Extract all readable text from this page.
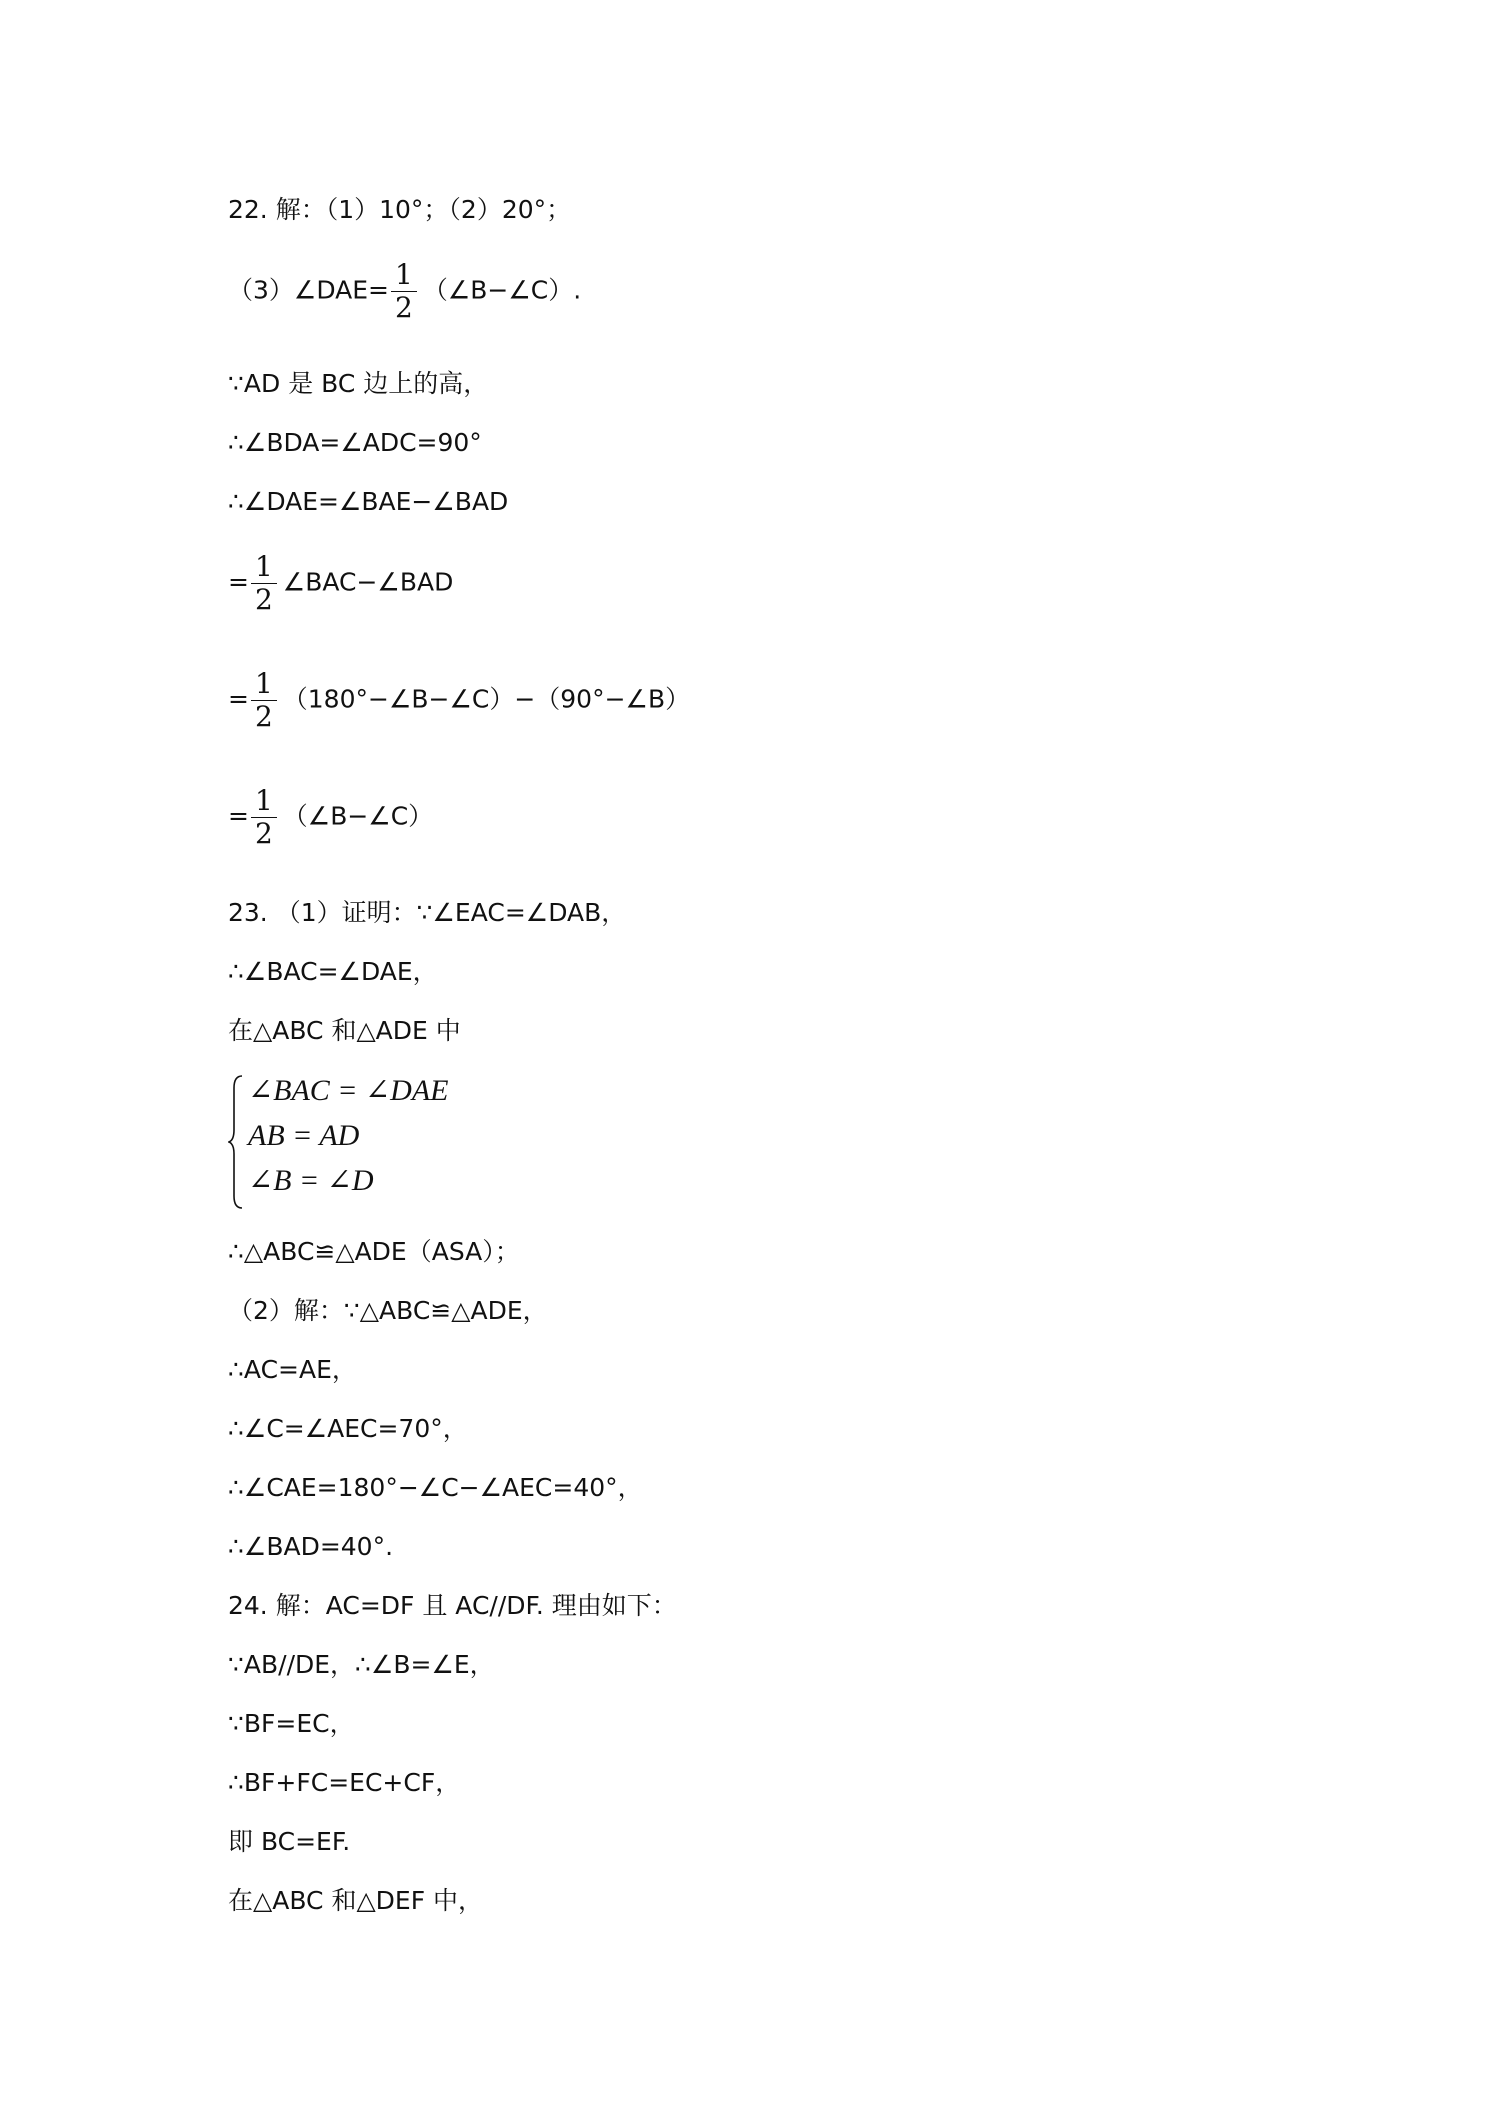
22. 解：（1）10°；（2）20°；
（3）∠DAE= $\frac{1}{2}$ （∠B−∠C）.
∵AD 是 BC 边上的高，
∴∠BDA=∠ADC=90°
∴∠DAE=∠BAE−∠BAD
= $\frac{1}{2}$ ∠BAC−∠BAD
= $\frac{1}{2}$ （180°−∠B−∠C）−（90°−∠B）
= $\frac{1}{2}$ （∠B−∠C）
23. （1）证明：∵∠EAC=∠DAB，
∴∠BAC=∠DAE，
在△ABC 和△ADE 中
∠BAC = ∠DAE
AB = AD
∠B = ∠D
∴△ABC≌△ADE（ASA）；
（2）解：∵△ABC≌△ADE，
∴AC=AE，
∴∠C=∠AEC=70°，
∴∠CAE=180°−∠C−∠AEC=40°，
∴∠BAD=40°.
24. 解：AC=DF 且 AC//DF. 理由如下：
∵AB//DE，∴∠B=∠E，
∵BF=EC，
∴BF+FC=EC+CF，
即 BC=EF.
在△ABC 和△DEF 中，
